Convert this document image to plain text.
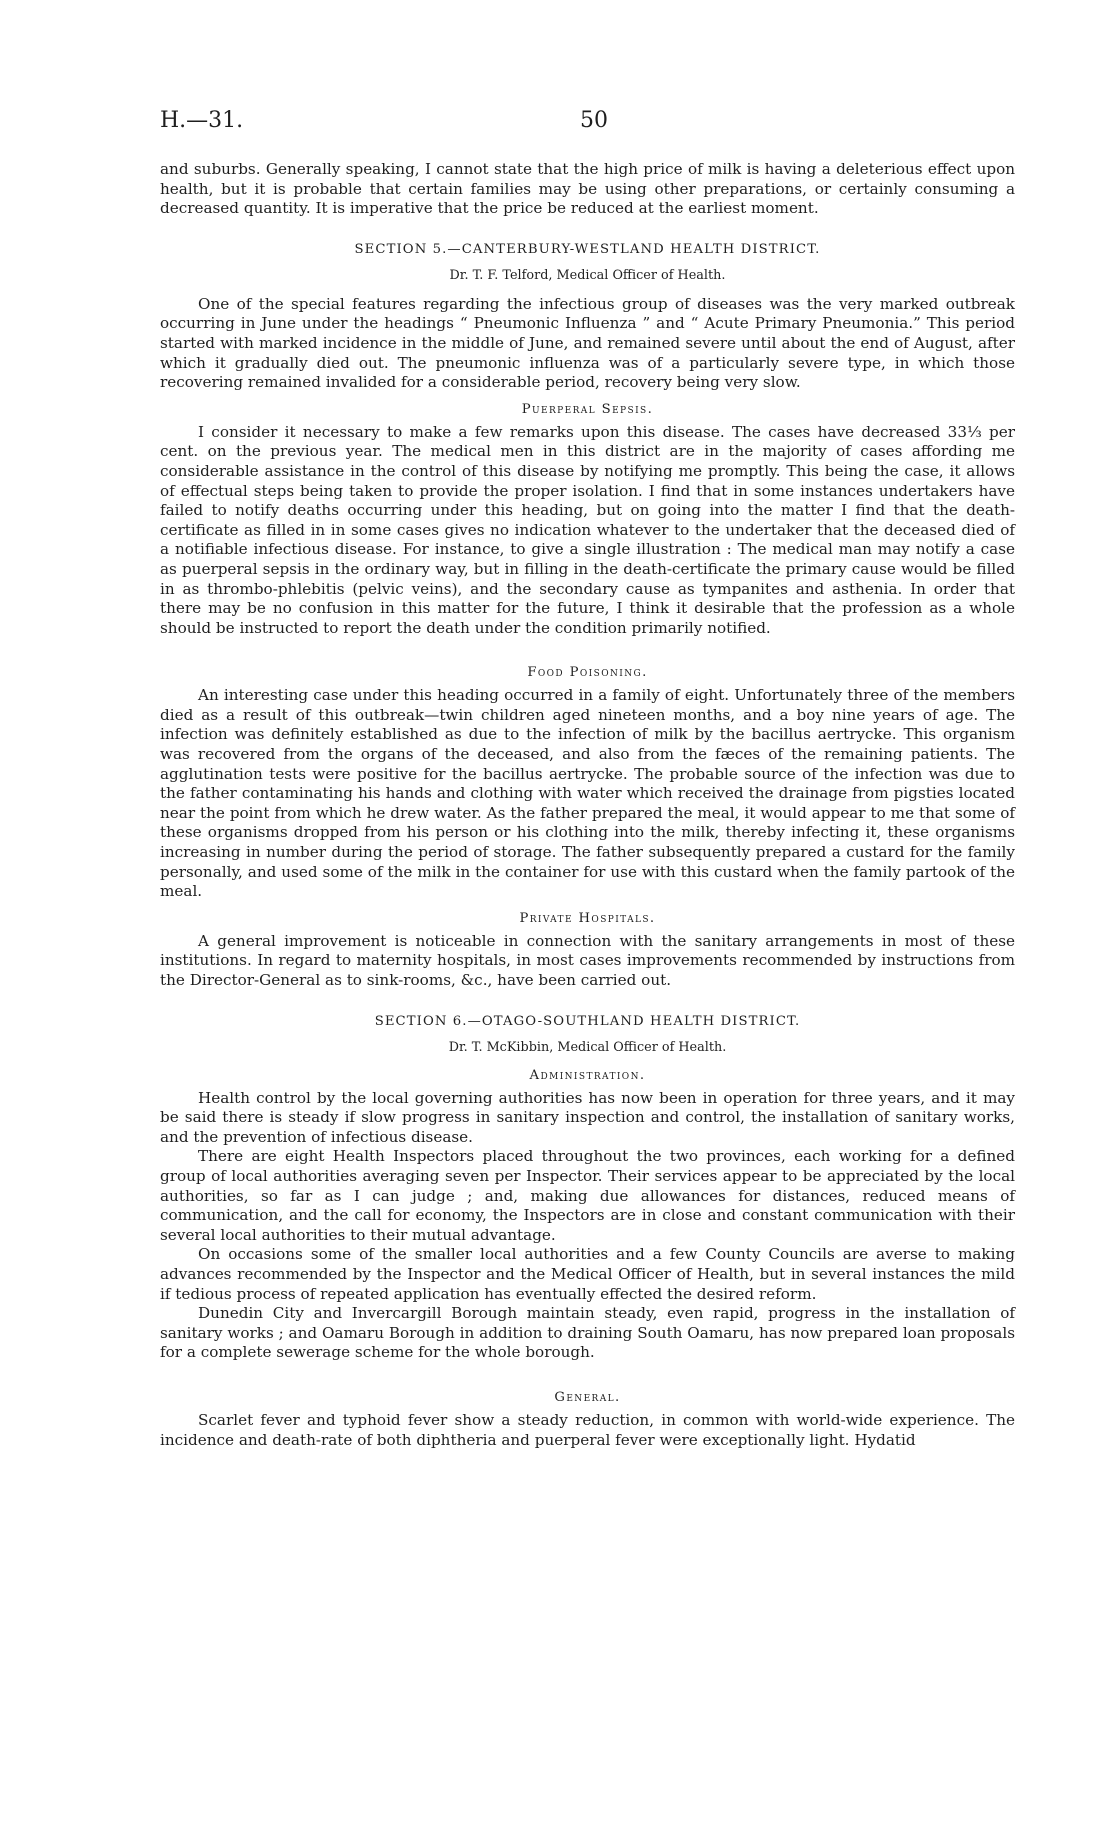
H.—31.	50

and suburbs. Generally speaking, I cannot state that the high price of milk is having a deleterious effect upon health, but it is probable that certain families may be using other preparations, or certainly consuming a decreased quantity. It is imperative that the price be reduced at the earliest moment.

SECTION 5.—CANTERBURY-WESTLAND HEALTH DISTRICT.
Dr. T. F. Telford, Medical Officer of Health.

One of the special features regarding the infectious group of diseases was the very marked outbreak occurring in June under the headings “ Pneumonic Influenza ” and “ Acute Primary Pneumonia.” This period started with marked incidence in the middle of June, and remained severe until about the end of August, after which it gradually died out. The pneumonic influenza was of a particularly severe type, in which those recovering remained invalided for a considerable period, recovery being very slow.

Puerperal Sepsis.

I consider it necessary to make a few remarks upon this disease. The cases have decreased 33⅓ per cent. on the previous year. The medical men in this district are in the majority of cases affording me considerable assistance in the control of this disease by notifying me promptly. This being the case, it allows of effectual steps being taken to provide the proper isolation. I find that in some instances undertakers have failed to notify deaths occurring under this heading, but on going into the matter I find that the death-certificate as filled in in some cases gives no indication whatever to the undertaker that the deceased died of a notifiable infectious disease. For instance, to give a single illustration : The medical man may notify a case as puerperal sepsis in the ordinary way, but in filling in the death-certificate the primary cause would be filled in as thrombo-phlebitis (pelvic veins), and the secondary cause as tympanites and asthenia. In order that there may be no confusion in this matter for the future, I think it desirable that the profession as a whole should be instructed to report the death under the condition primarily notified.

Food Poisoning.

An interesting case under this heading occurred in a family of eight. Unfortunately three of the members died as a result of this outbreak—twin children aged nineteen months, and a boy nine years of age. The infection was definitely established as due to the infection of milk by the bacillus aertrycke. This organism was recovered from the organs of the deceased, and also from the fæces of the remaining patients. The agglutination tests were positive for the bacillus aertrycke. The probable source of the infection was due to the father contaminating his hands and clothing with water which received the drainage from pigsties located near the point from which he drew water. As the father prepared the meal, it would appear to me that some of these organisms dropped from his person or his clothing into the milk, thereby infecting it, these organisms increasing in number during the period of storage. The father subsequently prepared a custard for the family personally, and used some of the milk in the container for use with this custard when the family partook of the meal.

Private Hospitals.

A general improvement is noticeable in connection with the sanitary arrangements in most of these institutions. In regard to maternity hospitals, in most cases improvements recommended by instructions from the Director-General as to sink-rooms, &c., have been carried out.

SECTION 6.—OTAGO-SOUTHLAND HEALTH DISTRICT.
Dr. T. McKibbin, Medical Officer of Health.
Administration.

Health control by the local governing authorities has now been in operation for three years, and it may be said there is steady if slow progress in sanitary inspection and control, the installation of sanitary works, and the prevention of infectious disease.

There are eight Health Inspectors placed throughout the two provinces, each working for a defined group of local authorities averaging seven per Inspector. Their services appear to be appreciated by the local authorities, so far as I can judge ; and, making due allowances for distances, reduced means of communication, and the call for economy, the Inspectors are in close and constant communication with their several local authorities to their mutual advantage.

On occasions some of the smaller local authorities and a few County Councils are averse to making advances recommended by the Inspector and the Medical Officer of Health, but in several instances the mild if tedious process of repeated application has eventually effected the desired reform.

Dunedin City and Invercargill Borough maintain steady, even rapid, progress in the installation of sanitary works ; and Oamaru Borough in addition to draining South Oamaru, has now prepared loan proposals for a complete sewerage scheme for the whole borough.

General.

Scarlet fever and typhoid fever show a steady reduction, in common with world-wide experience. The incidence and death-rate of both diphtheria and puerperal fever were exceptionally light. Hydatid
